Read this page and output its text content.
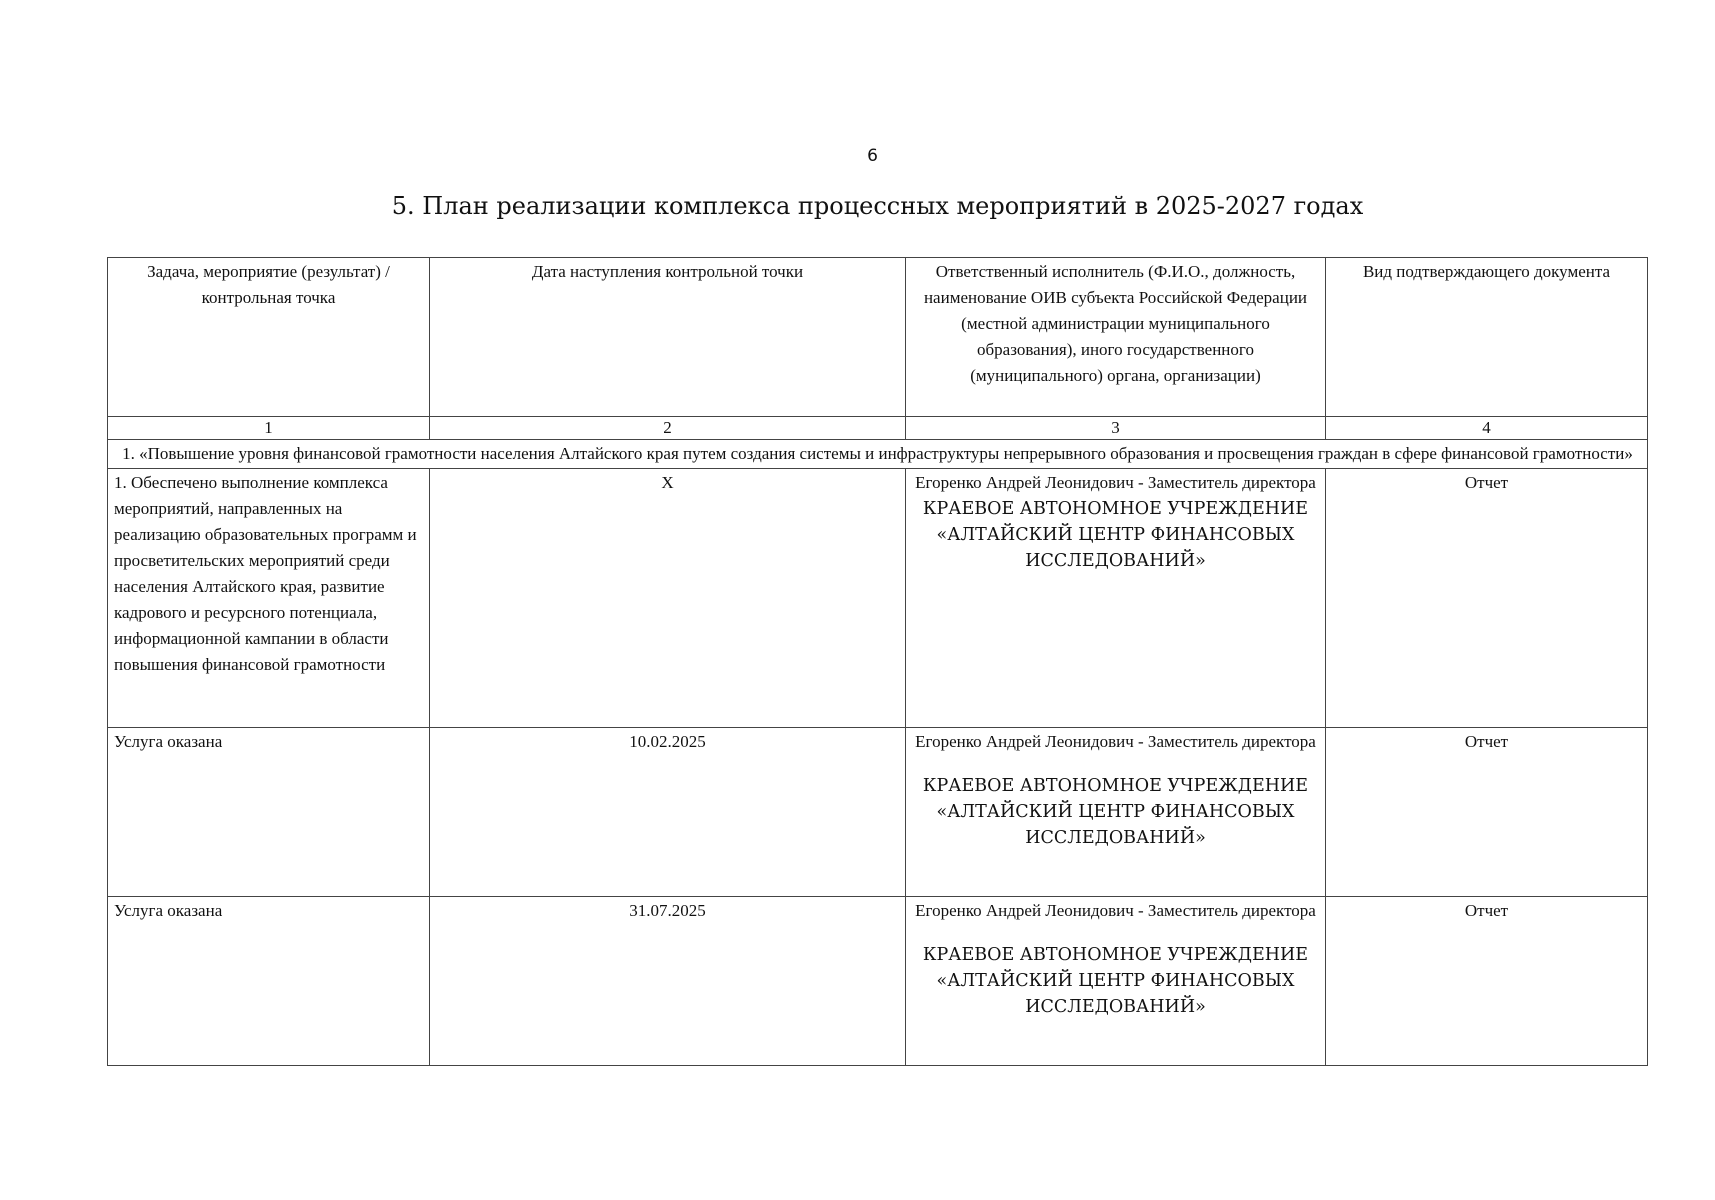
6
5. План реализации комплекса процессных мероприятий в 2025-2027 годах
Задача, мероприятие (результат) / контрольная точка	Дата наступления контрольной точки	Ответственный исполнитель (Ф.И.О., должность, наименование ОИВ субъекта Российской Федерации (местной администрации муниципального образования), иного государственного (муниципального) органа, организации)	Вид подтверждающего документа
1	2	3	4
1. «Повышение уровня финансовой грамотности населения Алтайского края путем создания системы и инфраструктуры непрерывного образования и просвещения граждан в сфере финансовой грамотности»			
1. Обеспечено выполнение комплекса мероприятий, направленных на реализацию образовательных программ и просветительских мероприятий среди населения Алтайского края, развитие кадрового и ресурсного потенциала, информационной кампании в области повышения финансовой грамотности	X	Егоренко Андрей Леонидович - Заместитель директора
КРАЕВОЕ АВТОНОМНОЕ УЧРЕЖДЕНИЕ «АЛТАЙСКИЙ ЦЕНТР ФИНАНСОВЫХ ИССЛЕДОВАНИЙ»	Отчет
Услуга оказана	10.02.2025	Егоренко Андрей Леонидович - Заместитель директора
КРАЕВОЕ АВТОНОМНОЕ УЧРЕЖДЕНИЕ «АЛТАЙСКИЙ ЦЕНТР ФИНАНСОВЫХ ИССЛЕДОВАНИЙ»	Отчет
Услуга оказана	31.07.2025	Егоренко Андрей Леонидович - Заместитель директора
КРАЕВОЕ АВТОНОМНОЕ УЧРЕЖДЕНИЕ «АЛТАЙСКИЙ ЦЕНТР ФИНАНСОВЫХ ИССЛЕДОВАНИЙ»	Отчет
